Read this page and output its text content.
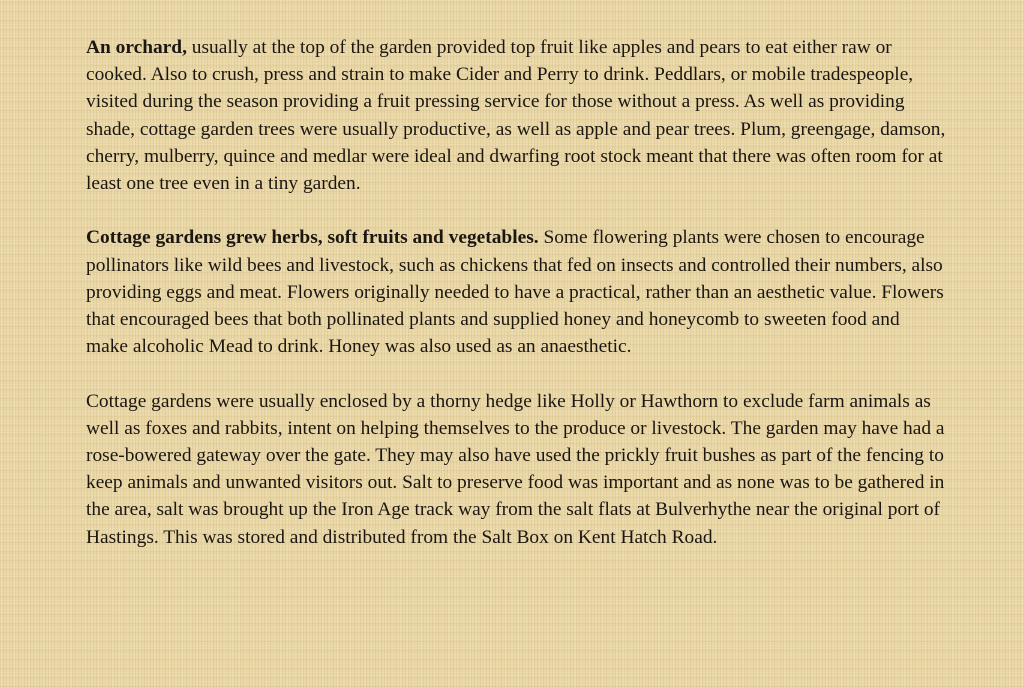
An orchard, usually at the top of the garden provided top fruit like apples and pears to eat either raw or cooked. Also to crush, press and strain to make Cider and Perry to drink. Peddlars, or mobile tradespeople, visited during the season providing a fruit pressing service for those without a press. As well as providing shade, cottage garden trees were usually productive, as well as apple and pear trees. Plum, greengage, damson, cherry, mulberry, quince and medlar were ideal and dwarfing root stock meant that there was often room for at least one tree even in a tiny garden.

Cottage gardens grew herbs, soft fruits and vegetables. Some flowering plants were chosen to encourage pollinators like wild bees and livestock, such as chickens that fed on insects and controlled their numbers, also providing eggs and meat. Flowers originally needed to have a practical, rather than an aesthetic value. Flowers that encouraged bees that both pollinated plants and supplied honey and honeycomb to sweeten food and make alcoholic Mead to drink. Honey was also used as an anaesthetic.

Cottage gardens were usually enclosed by a thorny hedge like Holly or Hawthorn to exclude farm animals as well as foxes and rabbits, intent on helping themselves to the produce or livestock. The garden may have had a rose-bowered gateway over the gate. They may also have used the prickly fruit bushes as part of the fencing to keep animals and unwanted visitors out. Salt to preserve food was important and as none was to be gathered in the area, salt was brought up the Iron Age track way from the salt flats at Bulverhythe near the original port of Hastings. This was stored and distributed from the Salt Box on Kent Hatch Road.
